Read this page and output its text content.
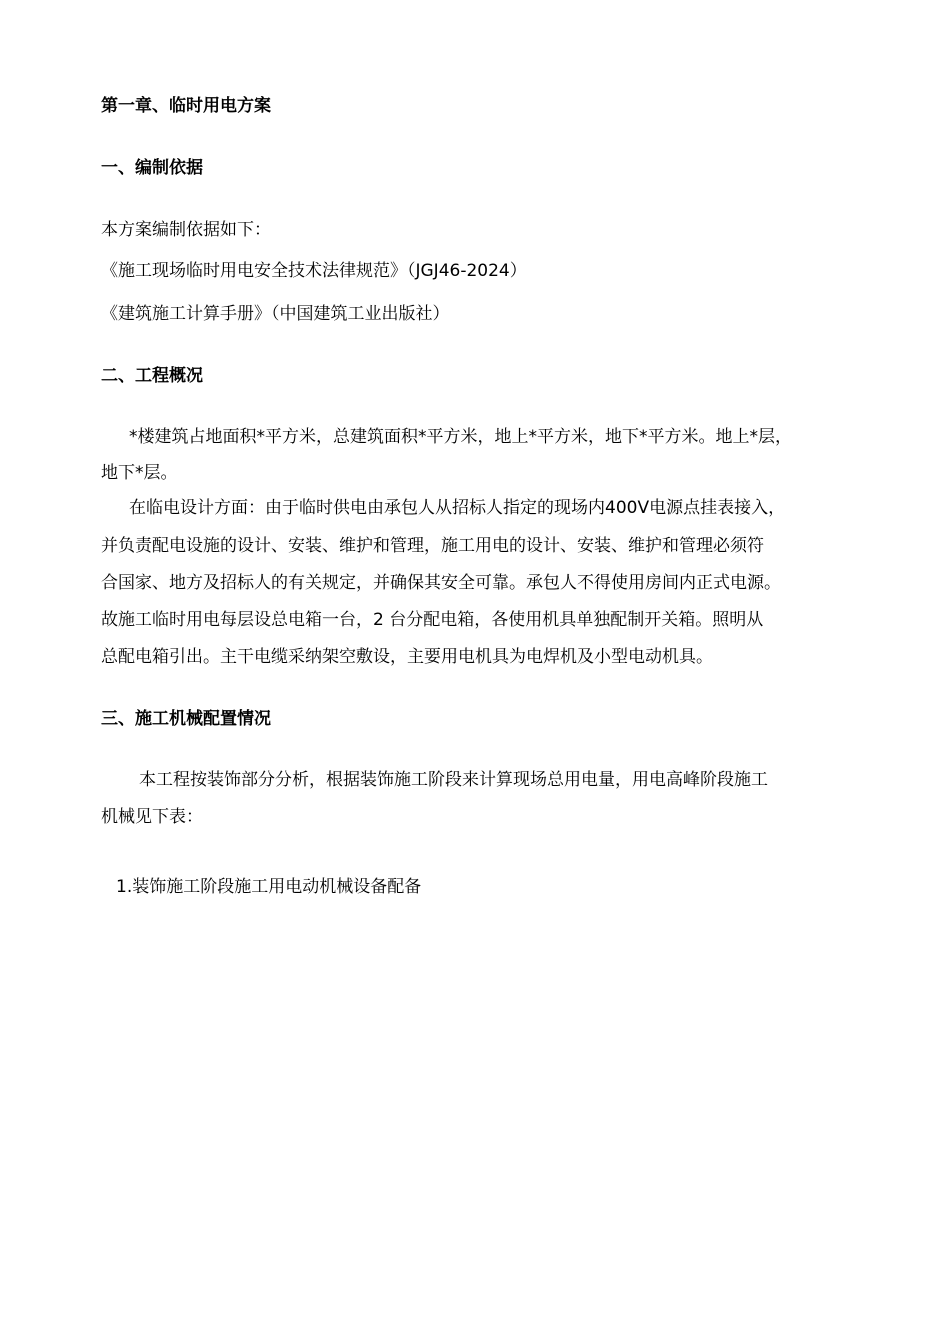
第一章、临时用电方案
一、编制依据
本方案编制依据如下：
《施工现场临时用电安全技术法律规范》（JGJ46-2024）
《建筑施工计算手册》（中国建筑工业出版社）
二、工程概况
*楼建筑占地面积*平方米，总建筑面积*平方米，地上*平方米，地下*平方米。地上*层，
地下*层。
在临电设计方面：由于临时供电由承包人从招标人指定的现场内400V电源点挂表接入，
并负责配电设施的设计、安装、维护和管理，施工用电的设计、安装、维护和管理必须符
合国家、地方及招标人的有关规定，并确保其安全可靠。承包人不得使用房间内正式电源。
故施工临时用电每层设总电箱一台，2 台分配电箱，各使用机具单独配制开关箱。照明从
总配电箱引出。主干电缆采纳架空敷设，主要用电机具为电焊机及小型电动机具。
三、施工机械配置情况
本工程按装饰部分分析，根据装饰施工阶段来计算现场总用电量，用电高峰阶段施工
机械见下表：
1.装饰施工阶段施工用电动机械设备配备
